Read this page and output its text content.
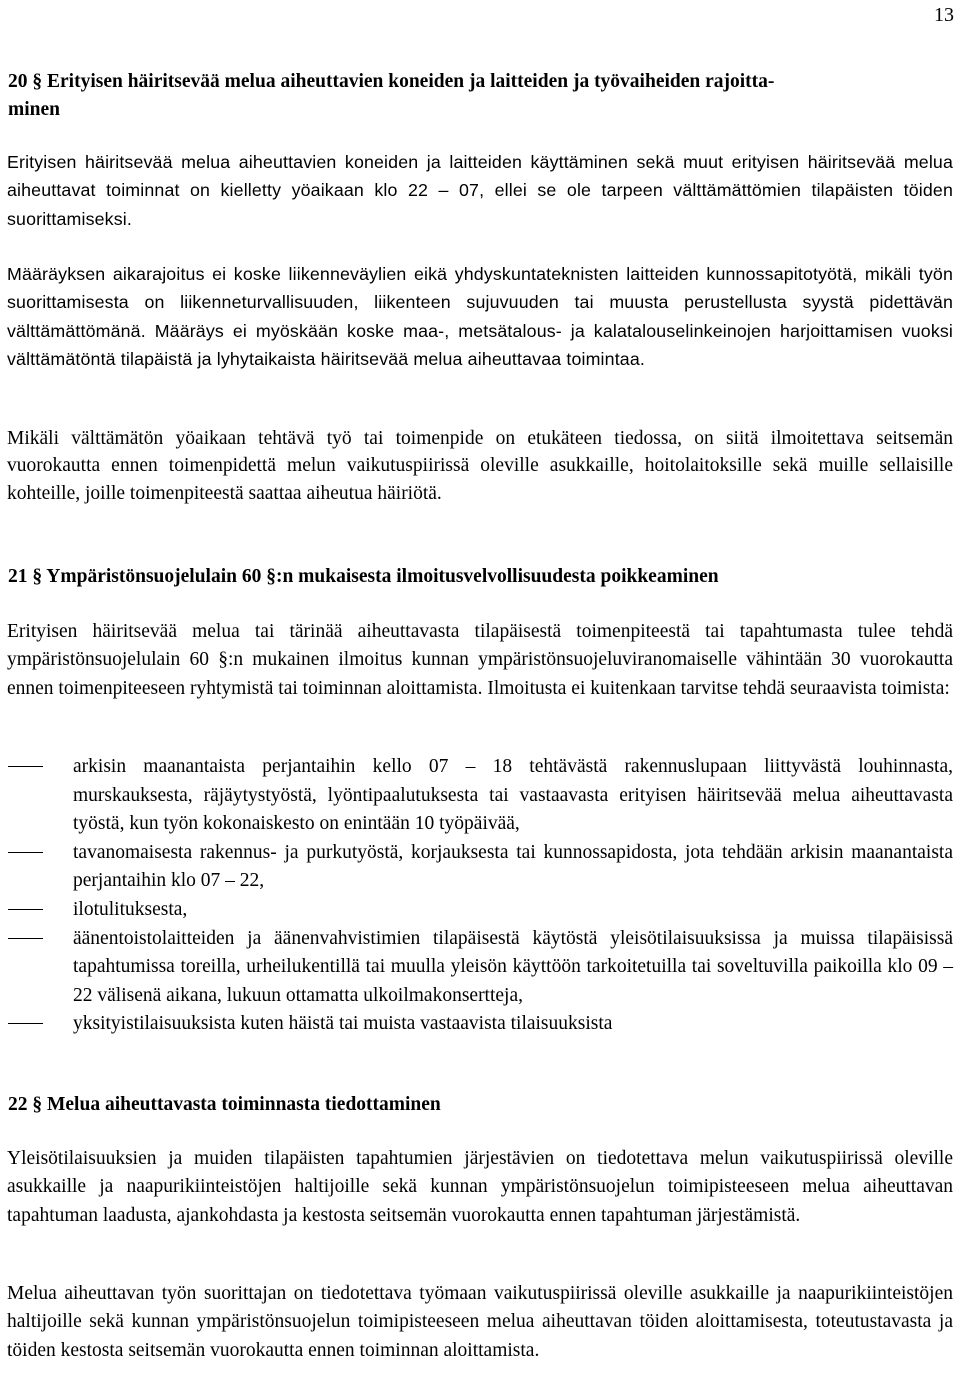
13
20 § Erityisen häiritsevää melua aiheuttavien koneiden ja laitteiden ja työvaiheiden rajoitta-
minen

Erityisen häiritsevää melua aiheuttavien koneiden ja laitteiden käyttäminen sekä muut erityisen häiritsevää melua aiheuttavat toiminnat on kielletty yöaikaan klo 22 – 07, ellei se ole tarpeen välttämättömien tilapäisten töiden suorittamiseksi.

Määräyksen aikarajoitus ei koske liikenneväylien eikä yhdyskuntateknisten laitteiden kunnossapitotyötä, mikäli työn suorittamisesta on liikenneturvallisuuden, liikenteen sujuvuuden tai muusta perustellusta syystä pidettävän välttämättömänä. Määräys ei myöskään koske maa-, metsätalous- ja kalatalouselinkeinojen harjoittamisen vuoksi välttämätöntä tilapäistä ja lyhytaikaista häiritsevää melua aiheuttavaa toimintaa.

Mikäli välttämätön yöaikaan tehtävä työ tai toimenpide on etukäteen tiedossa, on siitä ilmoitettava seitsemän vuorokautta ennen toimenpidettä melun vaikutuspiirissä oleville asukkaille, hoitolaitoksille sekä muille sellaisille kohteille, joille toimenpiteestä saattaa aiheutua häiriötä.

21 § Ympäristönsuojelulain 60 §:n mukaisesta ilmoitusvelvollisuudesta poikkeaminen

Erityisen häiritsevää melua tai tärinää aiheuttavasta tilapäisestä toimenpiteestä tai tapahtumasta tulee tehdä ympäristönsuojelulain 60 §:n mukainen ilmoitus kunnan ympäristönsuojeluviranomaiselle vähintään 30 vuorokautta ennen toimenpiteeseen ryhtymistä tai toiminnan aloittamista. Ilmoitusta ei kuitenkaan tarvitse tehdä seuraavista toimista:

arkisin maanantaista perjantaihin kello 07 – 18 tehtävästä rakennuslupaan liittyvästä louhinnasta, murskauksesta, räjäytystyöstä, lyöntipaalutuksesta tai vastaavasta erityisen häiritsevää melua aiheuttavasta työstä, kun työn kokonaiskesto on enintään 10 työpäivää,
tavanomaisesta rakennus- ja purkutyöstä, korjauksesta tai kunnossapidosta, jota tehdään arkisin maanantaista perjantaihin klo 07 – 22,
ilotulituksesta,
äänentoistolaitteiden ja äänenvahvistimien tilapäisestä käytöstä yleisötilaisuuksissa ja muissa tilapäisissä tapahtumissa toreilla, urheilukentillä tai muulla yleisön käyttöön tarkoitetuilla tai soveltuvilla paikoilla klo 09 – 22 välisenä aikana, lukuun ottamatta ulkoilmakonsertteja,
yksityistilaisuuksista kuten häistä tai muista vastaavista tilaisuuksista
22 § Melua aiheuttavasta toiminnasta tiedottaminen

Yleisötilaisuuksien ja muiden tilapäisten tapahtumien järjestävien on tiedotettava melun vaikutuspiirissä oleville asukkaille ja naapurikiinteistöjen haltijoille sekä kunnan ympäristönsuojelun toimipisteeseen melua aiheuttavan tapahtuman laadusta, ajankohdasta ja kestosta seitsemän vuorokautta ennen tapahtuman järjestämistä.

Melua aiheuttavan työn suorittajan on tiedotettava työmaan vaikutuspiirissä oleville asukkaille ja naapurikiinteistöjen haltijoille sekä kunnan ympäristönsuojelun toimipisteeseen melua aiheuttavan töiden aloittamisesta, toteutustavasta ja töiden kestosta seitsemän vuorokautta ennen toiminnan aloittamista.
